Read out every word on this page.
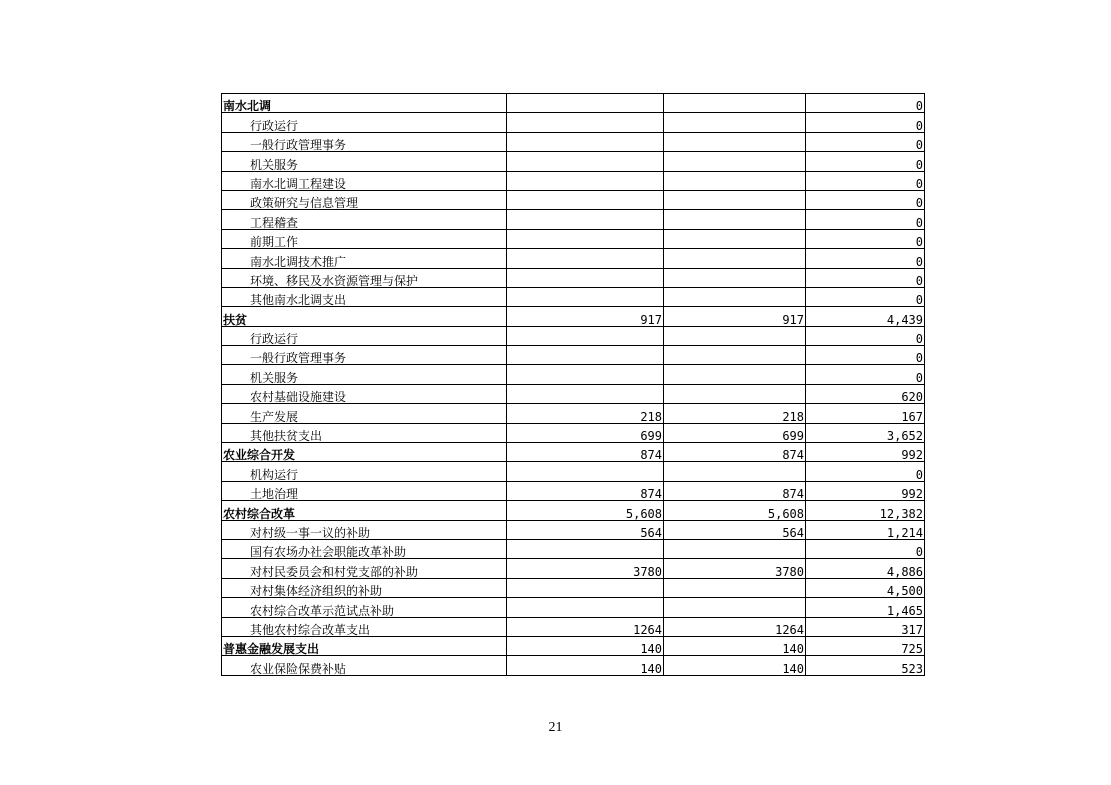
南水北调			0
行政运行			0
一般行政管理事务			0
机关服务			0
南水北调工程建设			0
政策研究与信息管理			0
工程稽查			0
前期工作			0
南水北调技术推广			0
环境、移民及水资源管理与保护			0
其他南水北调支出			0
扶贫	917	917	4,439
行政运行			0
一般行政管理事务			0
机关服务			0
农村基础设施建设			620
生产发展	218	218	167
其他扶贫支出	699	699	3,652
农业综合开发	874	874	992
机构运行			0
土地治理	874	874	992
农村综合改革	5,608	5,608	12,382
对村级一事一议的补助	564	564	1,214
国有农场办社会职能改革补助			0
对村民委员会和村党支部的补助	3780	3780	4,886
对村集体经济组织的补助			4,500
农村综合改革示范试点补助			1,465
其他农村综合改革支出	1264	1264	317
普惠金融发展支出	140	140	725
农业保险保费补贴	140	140	523
21
